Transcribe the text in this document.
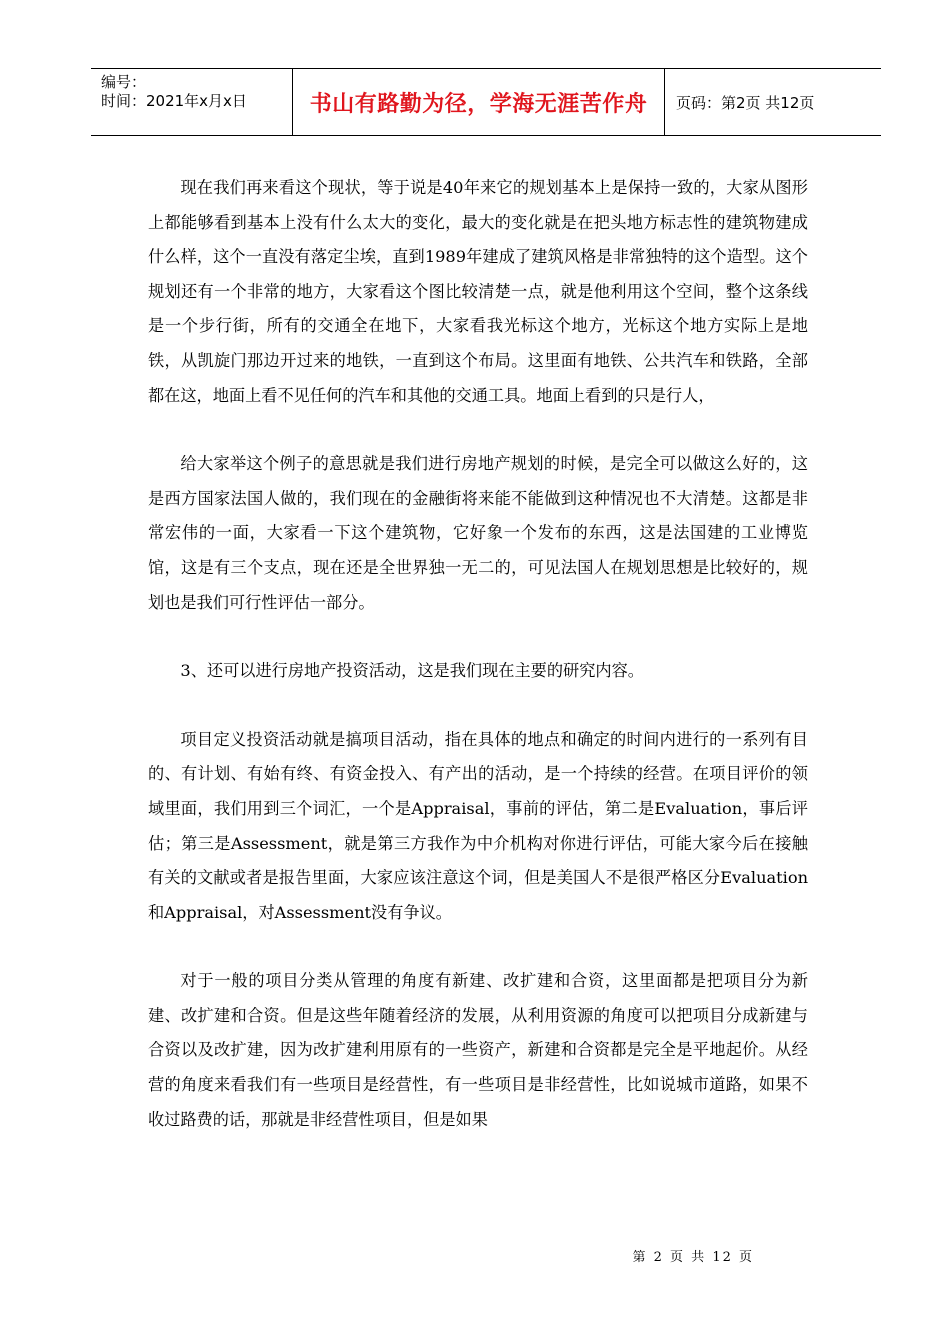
编号：
时间：2021年x月x日	书山有路勤为径，学海无涯苦作舟	页码：第2页 共12页

现在我们再来看这个现状，等于说是40年来它的规划基本上是保持一致的，大家从图形上都能够看到基本上没有什么太大的变化，最大的变化就是在把头地方标志性的建筑物建成什么样，这个一直没有落定尘埃，直到1989年建成了建筑风格是非常独特的这个造型。这个规划还有一个非常的地方，大家看这个图比较清楚一点，就是他利用这个空间，整个这条线是一个步行街，所有的交通全在地下，大家看我光标这个地方，光标这个地方实际上是地铁，从凯旋门那边开过来的地铁，一直到这个布局。这里面有地铁、公共汽车和铁路，全部都在这，地面上看不见任何的汽车和其他的交通工具。地面上看到的只是行人，

给大家举这个例子的意思就是我们进行房地产规划的时候，是完全可以做这么好的，这是西方国家法国人做的，我们现在的金融街将来能不能做到这种情况也不大清楚。这都是非常宏伟的一面，大家看一下这个建筑物，它好象一个发布的东西，这是法国建的工业博览馆，这是有三个支点，现在还是全世界独一无二的，可见法国人在规划思想是比较好的，规划也是我们可行性评估一部分。

3、还可以进行房地产投资活动，这是我们现在主要的研究内容。

项目定义投资活动就是搞项目活动，指在具体的地点和确定的时间内进行的一系列有目的、有计划、有始有终、有资金投入、有产出的活动，是一个持续的经营。在项目评价的领域里面，我们用到三个词汇，一个是Appraisal，事前的评估，第二是Evaluation，事后评估；第三是Assessment，就是第三方我作为中介机构对你进行评估，可能大家今后在接触有关的文献或者是报告里面，大家应该注意这个词，但是美国人不是很严格区分Evaluation和Appraisal，对Assessment没有争议。

对于一般的项目分类从管理的角度有新建、改扩建和合资，这里面都是把项目分为新建、改扩建和合资。但是这些年随着经济的发展，从利用资源的角度可以把项目分成新建与合资以及改扩建，因为改扩建利用原有的一些资产，新建和合资都是完全是平地起价。从经营的角度来看我们有一些项目是经营性，有一些项目是非经营性，比如说城市道路，如果不收过路费的话，那就是非经营性项目，但是如果

第 2 页 共 12 页
